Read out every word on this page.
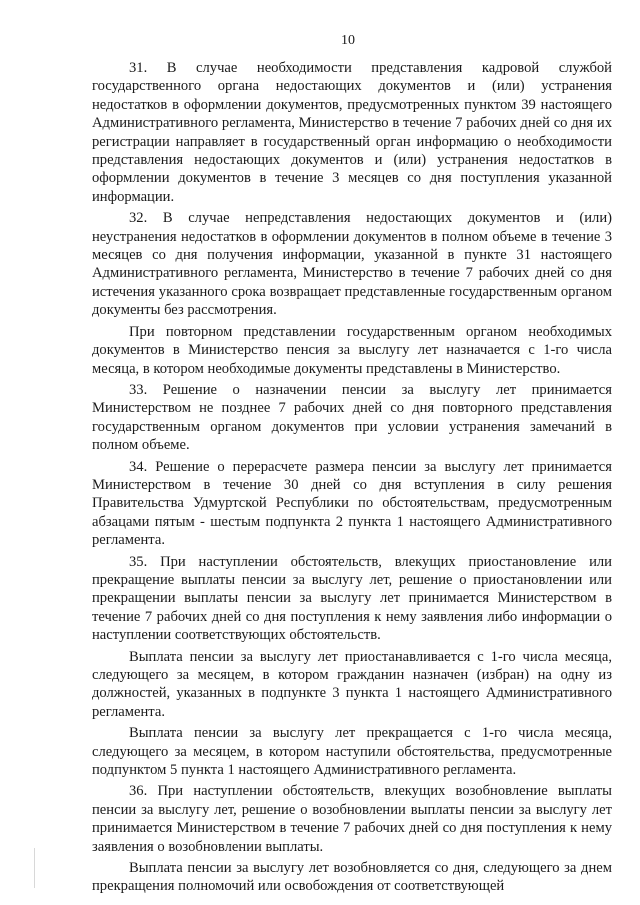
10

31. В случае необходимости представления кадровой службой государственного органа недостающих документов и (или) устранения недостатков в оформлении документов, предусмотренных пунктом 39 настоящего Административного регламента, Министерство в течение 7 рабочих дней со дня их регистрации направляет в государственный орган информацию о необходимости представления недостающих документов и (или) устранения недостатков в оформлении документов в течение 3 месяцев со дня поступления указанной информации.

32. В случае непредставления недостающих документов и (или) неустранения недостатков в оформлении документов в полном объеме в течение 3 месяцев со дня получения информации, указанной в пункте 31 настоящего Административного регламента, Министерство в течение 7 рабочих дней со дня истечения указанного срока возвращает представленные государственным органом документы без рассмотрения.

При повторном представлении государственным органом необходимых документов в Министерство пенсия за выслугу лет назначается с 1-го числа месяца, в котором необходимые документы представлены в Министерство.

33. Решение о назначении пенсии за выслугу лет принимается Министерством не позднее 7 рабочих дней со дня повторного представления государственным органом документов при условии устранения замечаний в полном объеме.

34. Решение о перерасчете размера пенсии за выслугу лет принимается Министерством в течение 30 дней со дня вступления в силу решения Правительства Удмуртской Республики по обстоятельствам, предусмотренным абзацами пятым - шестым подпункта 2 пункта 1 настоящего Административного регламента.

35. При наступлении обстоятельств, влекущих приостановление или прекращение выплаты пенсии за выслугу лет, решение о приостановлении или прекращении выплаты пенсии за выслугу лет принимается Министерством в течение 7 рабочих дней со дня поступления к нему заявления либо информации о наступлении соответствующих обстоятельств.

Выплата пенсии за выслугу лет приостанавливается с 1-го числа месяца, следующего за месяцем, в котором гражданин назначен (избран) на одну из должностей, указанных в подпункте 3 пункта 1 настоящего Административного регламента.

Выплата пенсии за выслугу лет прекращается с 1-го числа месяца, следующего за месяцем, в котором наступили обстоятельства, предусмотренные подпунктом 5 пункта 1 настоящего Административного регламента.

36. При наступлении обстоятельств, влекущих возобновление выплаты пенсии за выслугу лет, решение о возобновлении выплаты пенсии за выслугу лет принимается Министерством в течение 7 рабочих дней со дня поступления к нему заявления о возобновлении выплаты.

Выплата пенсии за выслугу лет возобновляется со дня, следующего за днем прекращения полномочий или освобождения от соответствующей
